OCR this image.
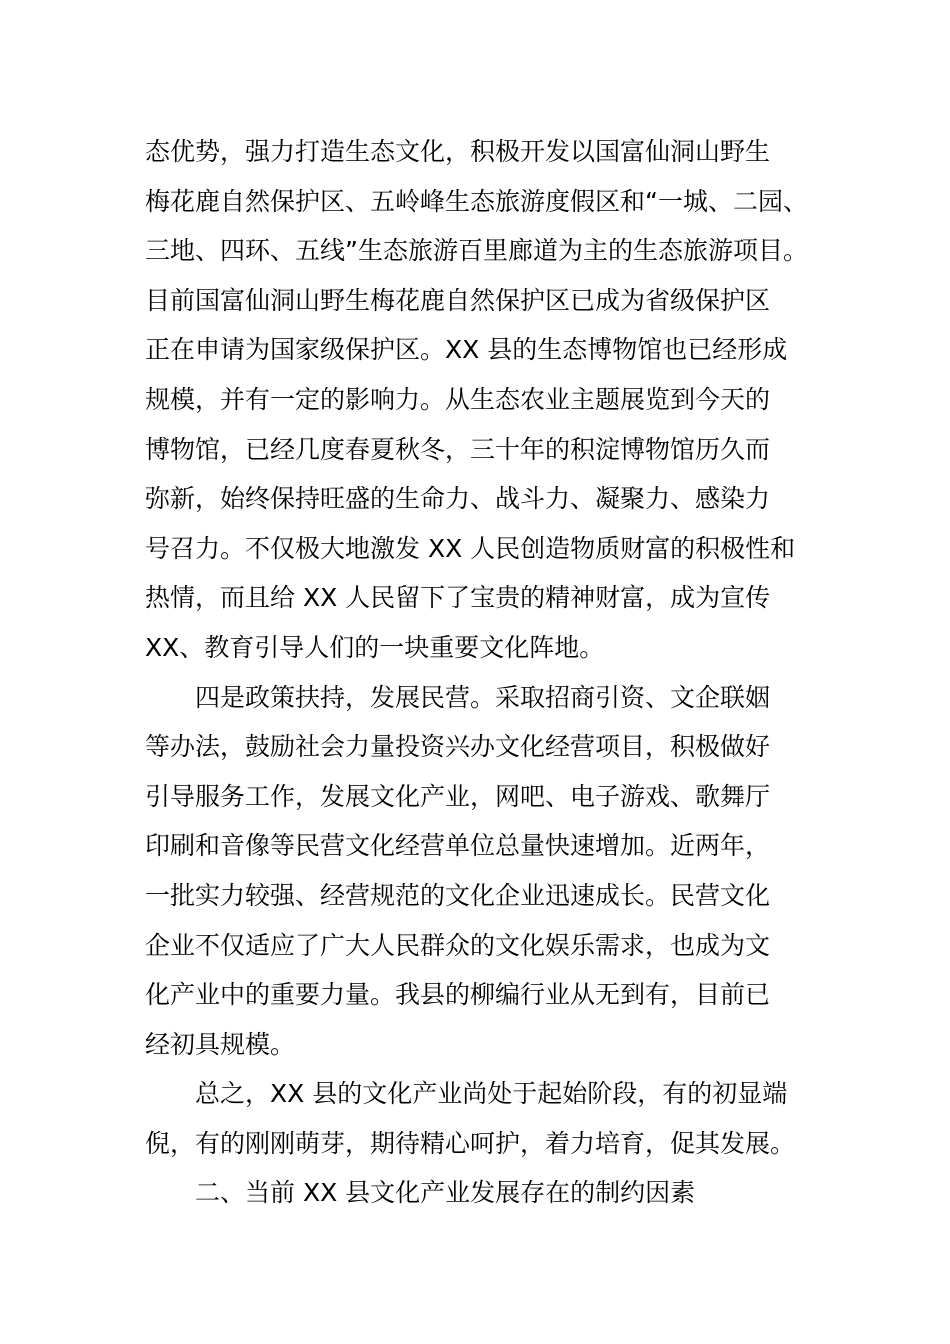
态优势，强力打造生态文化，积极开发以国富仙洞山野生
梅花鹿自然保护区、五岭峰生态旅游度假区和“一城、二园、
三地、四环、五线”生态旅游百里廊道为主的生态旅游项目。
目前国富仙洞山野生梅花鹿自然保护区已成为省级保护区
正在申请为国家级保护区。XX 县的生态博物馆也已经形成
规模，并有一定的影响力。从生态农业主题展览到今天的
博物馆，已经几度春夏秋冬，三十年的积淀博物馆历久而
弥新，始终保持旺盛的生命力、战斗力、凝聚力、感染力
号召力。不仅极大地激发 XX 人民创造物质财富的积极性和
热情，而且给 XX 人民留下了宝贵的精神财富，成为宣传
XX、教育引导人们的一块重要文化阵地。
四是政策扶持，发展民营。采取招商引资、文企联姻
等办法，鼓励社会力量投资兴办文化经营项目，积极做好
引导服务工作，发展文化产业，网吧、电子游戏、歌舞厅
印刷和音像等民营文化经营单位总量快速增加。近两年，
一批实力较强、经营规范的文化企业迅速成长。民营文化
企业不仅适应了广大人民群众的文化娱乐需求，也成为文
化产业中的重要力量。我县的柳编行业从无到有，目前已
经初具规模。
总之，XX 县的文化产业尚处于起始阶段，有的初显端
倪，有的刚刚萌芽，期待精心呵护，着力培育，促其发展。
二、当前 XX 县文化产业发展存在的制约因素
